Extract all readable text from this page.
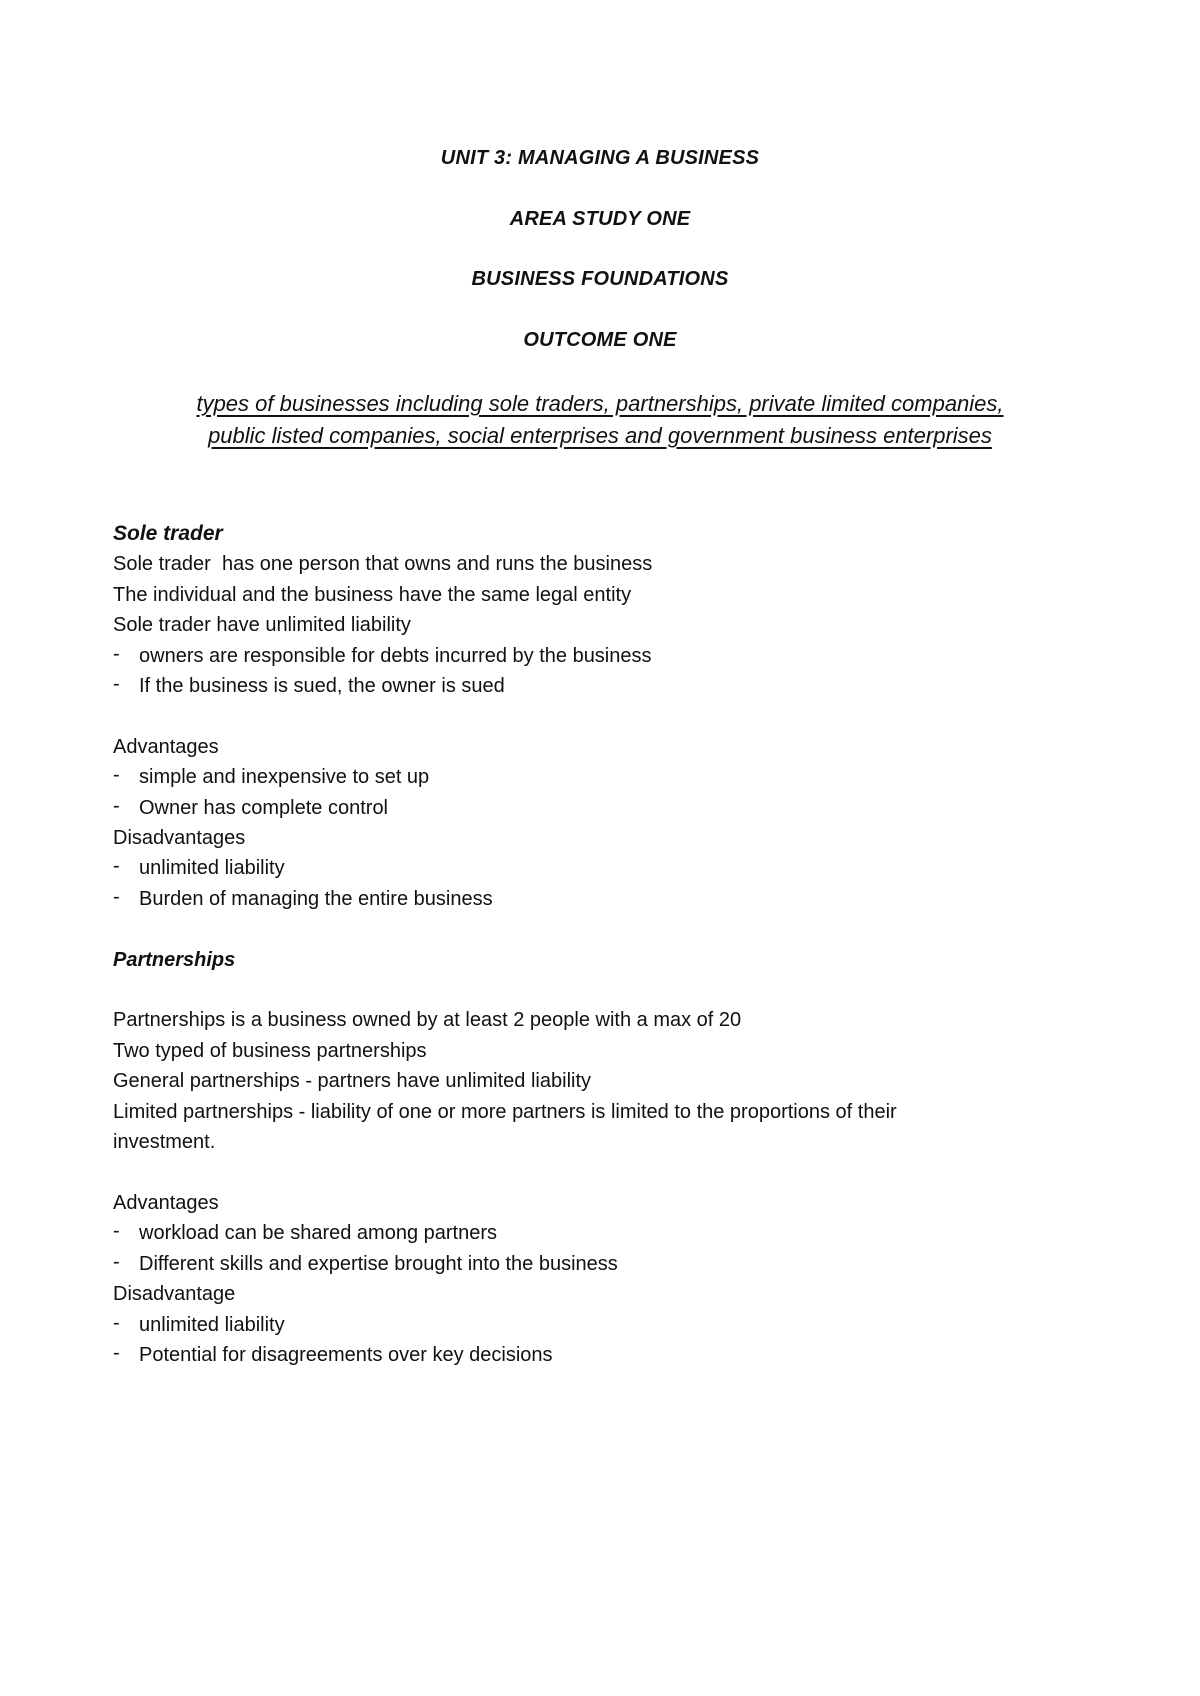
UNIT 3: MANAGING A BUSINESS
AREA STUDY ONE
BUSINESS FOUNDATIONS
OUTCOME ONE
types of businesses including sole traders, partnerships, private limited companies,
public listed companies, social enterprises and government business enterprises

Sole trader

Sole trader  has one person that owns and runs the business

The individual and the business have the same legal entity

Sole trader have unlimited liability

- owners are responsible for debts incurred by the business

- If the business is sued, the owner is sued

Advantages

- simple and inexpensive to set up

- Owner has complete control

Disadvantages

- unlimited liability

- Burden of managing the entire business

Partnerships

Partnerships is a business owned by at least 2 people with a max of 20

Two typed of business partnerships

General partnerships - partners have unlimited liability

Limited partnerships - liability of one or more partners is limited to the proportions of their

investment.

Advantages

- workload can be shared among partners

- Different skills and expertise brought into the business

Disadvantage

- unlimited liability

- Potential for disagreements over key decisions
